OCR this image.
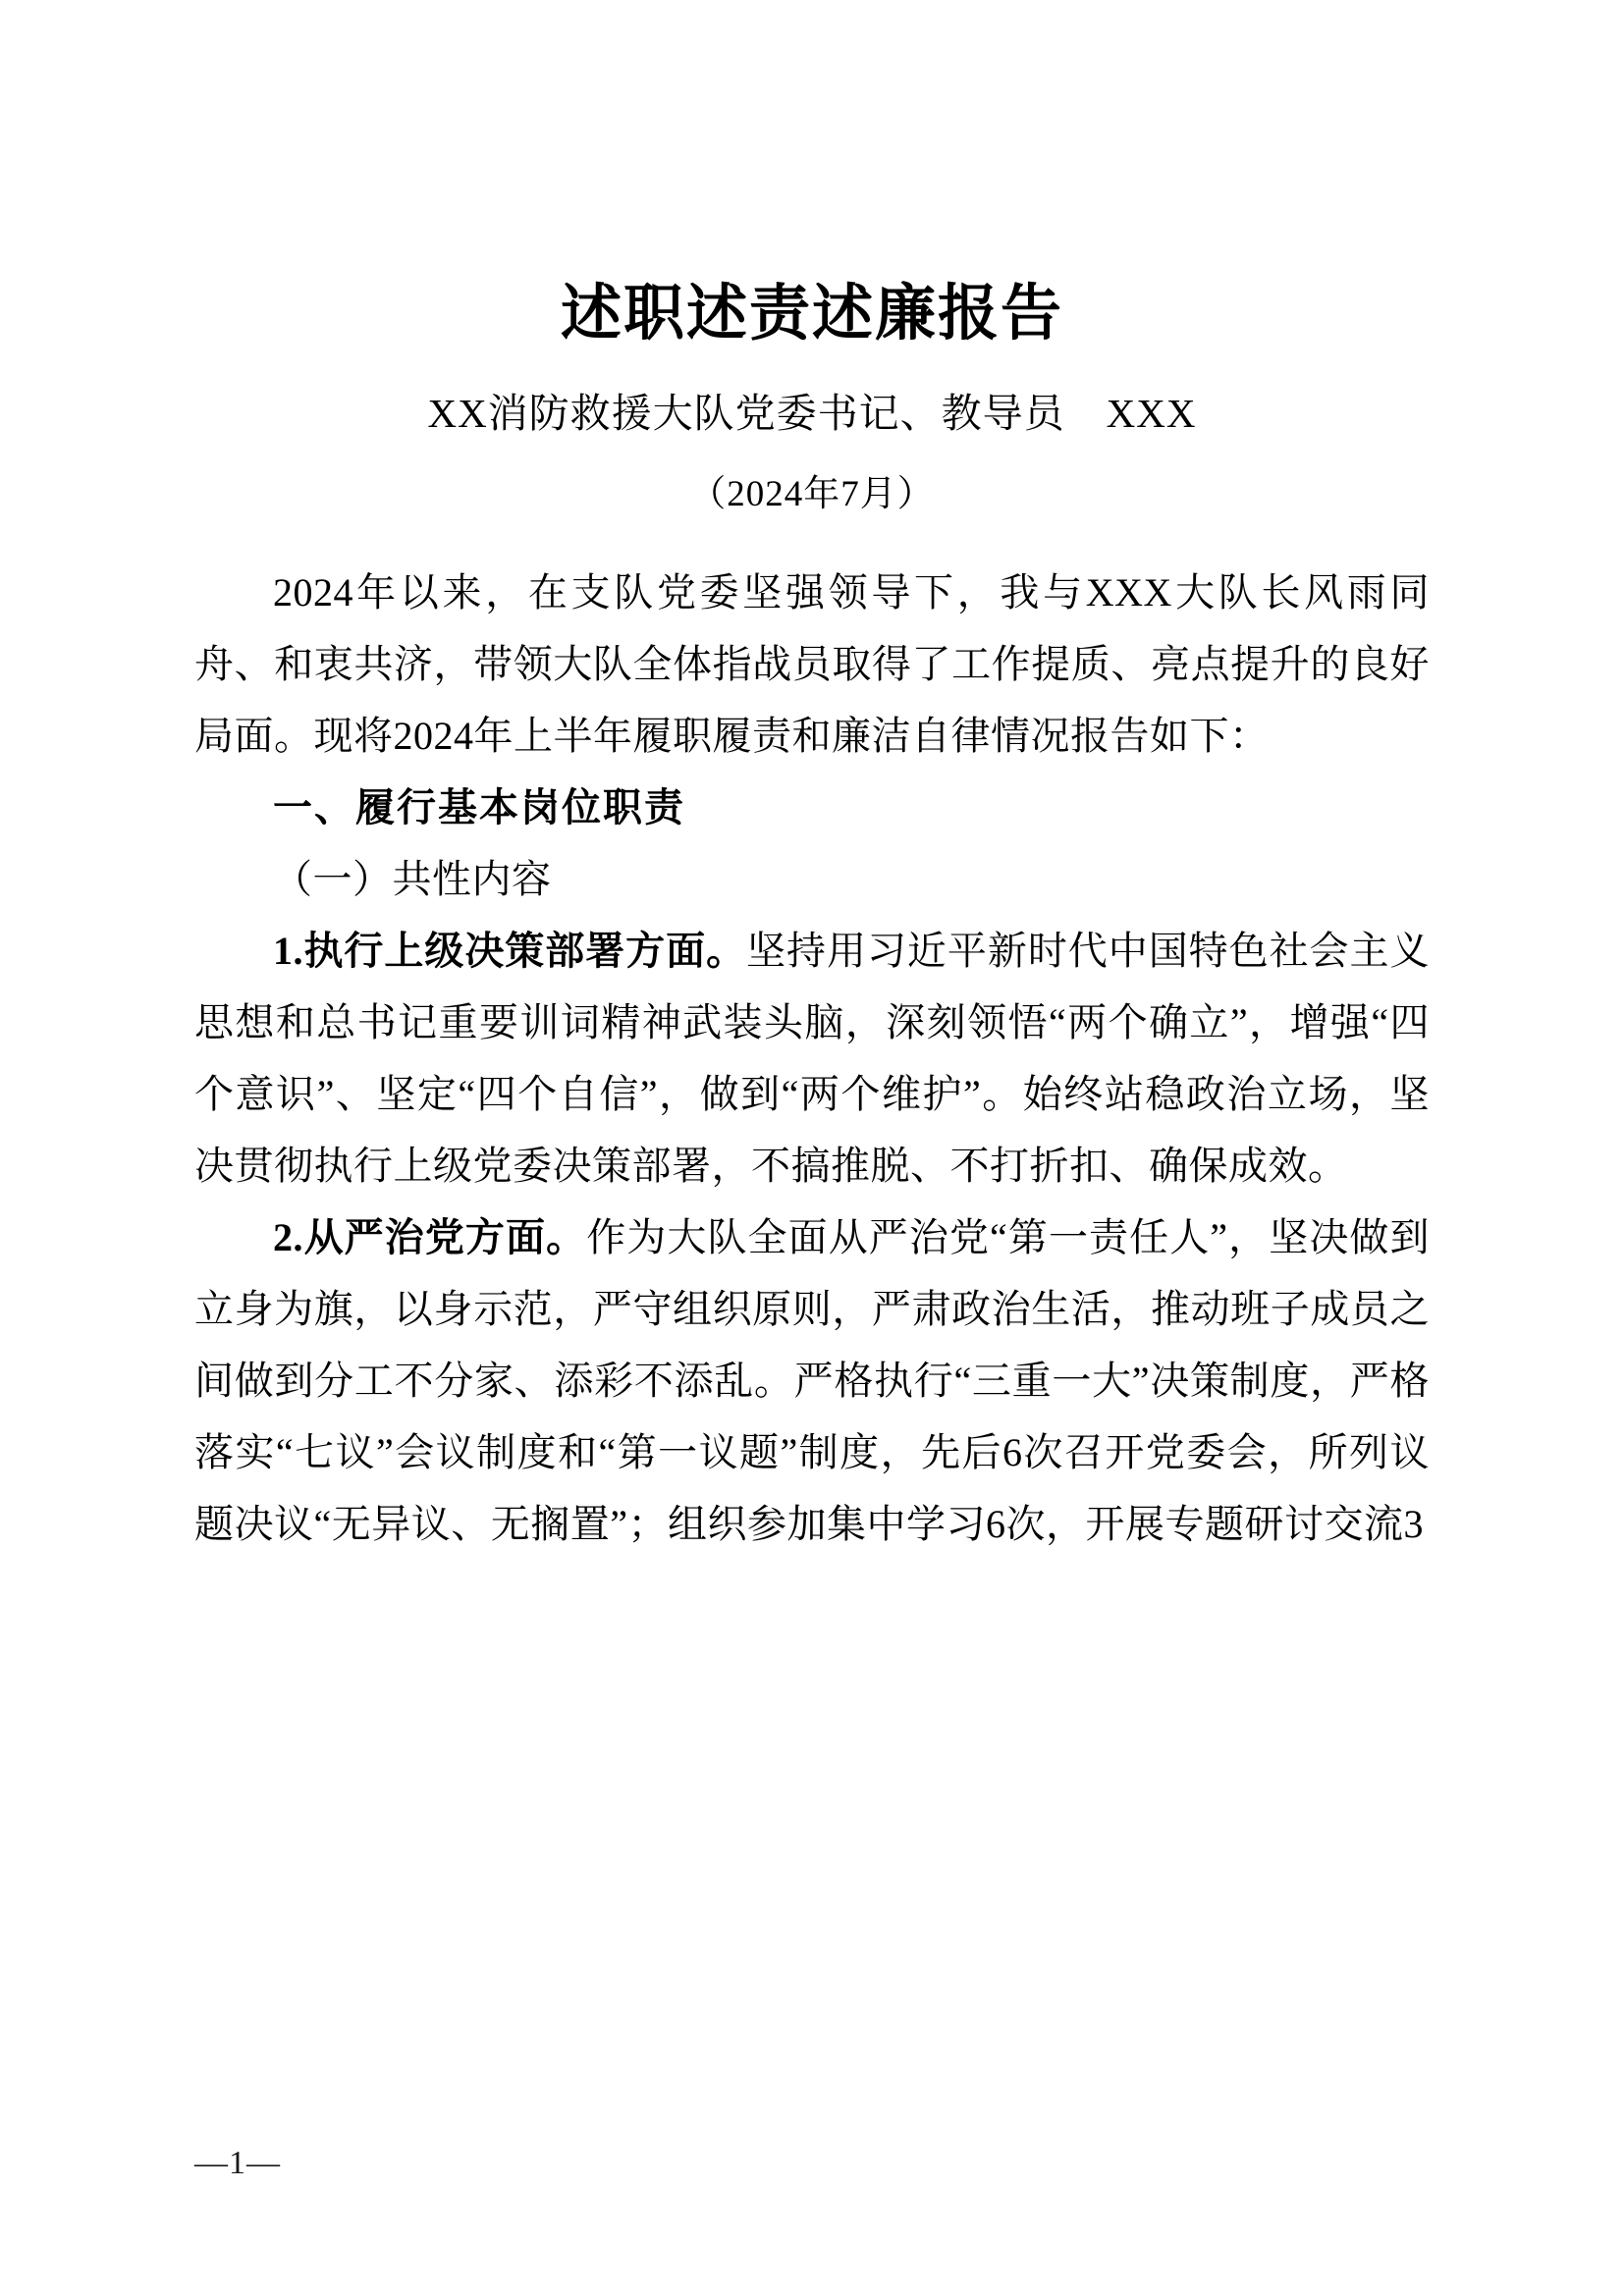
述职述责述廉报告
XX消防救援大队党委书记、教导员　XXX
（2024年7月）

2024年以来，在支队党委坚强领导下，我与XXX大队长风雨同舟、和衷共济，带领大队全体指战员取得了工作提质、亮点提升的良好局面。现将2024年上半年履职履责和廉洁自律情况报告如下：

一、履行基本岗位职责

（一）共性内容

1.执行上级决策部署方面。坚持用习近平新时代中国特色社会主义思想和总书记重要训词精神武装头脑，深刻领悟“两个确立”，增强“四个意识”、坚定“四个自信”，做到“两个维护”。始终站稳政治立场，坚决贯彻执行上级党委决策部署，不搞推脱、不打折扣、确保成效。

2.从严治党方面。作为大队全面从严治党“第一责任人”，坚决做到立身为旗，以身示范，严守组织原则，严肃政治生活，推动班子成员之间做到分工不分家、添彩不添乱。严格执行“三重一大”决策制度，严格落实“七议”会议制度和“第一议题”制度，先后6次召开党委会，所列议题决议“无异议、无搁置”；组织参加集中学习6次，开展专题研讨交流3

—1—
